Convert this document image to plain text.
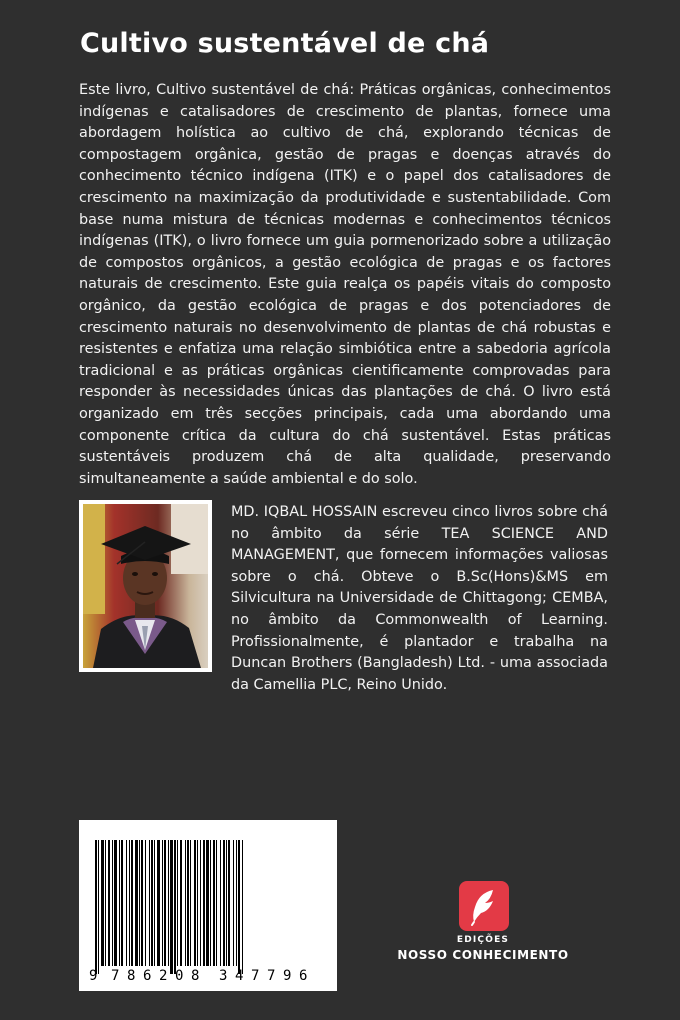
Cultivo sustentável de chá
Este livro, Cultivo sustentável de chá: Práticas orgânicas, conhecimentos indígenas e catalisadores de crescimento de plantas, fornece uma abordagem holística ao cultivo de chá, explorando técnicas de compostagem orgânica, gestão de pragas e doenças através do conhecimento técnico indígena (ITK) e o papel dos catalisadores de crescimento na maximização da produtividade e sustentabilidade. Com base numa mistura de técnicas modernas e conhecimentos técnicos indígenas (ITK), o livro fornece um guia pormenorizado sobre a utilização de compostos orgânicos, a gestão ecológica de pragas e os factores naturais de crescimento. Este guia realça os papéis vitais do composto orgânico, da gestão ecológica de pragas e dos potenciadores de crescimento naturais no desenvolvimento de plantas de chá robustas e resistentes e enfatiza uma relação simbiótica entre a sabedoria agrícola tradicional e as práticas orgânicas cientificamente comprovadas para responder às necessidades únicas das plantações de chá. O livro está organizado em três secções principais, cada uma abordando uma componente crítica da cultura do chá sustentável. Estas práticas sustentáveis produzem chá de alta qualidade, preservando simultaneamente a saúde ambiental e do solo.
MD. IQBAL HOSSAIN escreveu cinco livros sobre chá no âmbito da série TEA SCIENCE AND MANAGEMENT, que fornecem informações valiosas sobre o chá. Obteve o B.Sc(Hons)&MS em Silvicultura na Universidade de Chittagong; CEMBA, no âmbito da Commonwealth of Learning. Profissionalmente, é plantador e trabalha na Duncan Brothers (Bangladesh) Ltd. - uma associada da Camellia PLC, Reino Unido.
9 7 8 6 2 0 8 3 4 7 7 9 6
EDIÇÕES
NOSSO CONHECIMENTO
